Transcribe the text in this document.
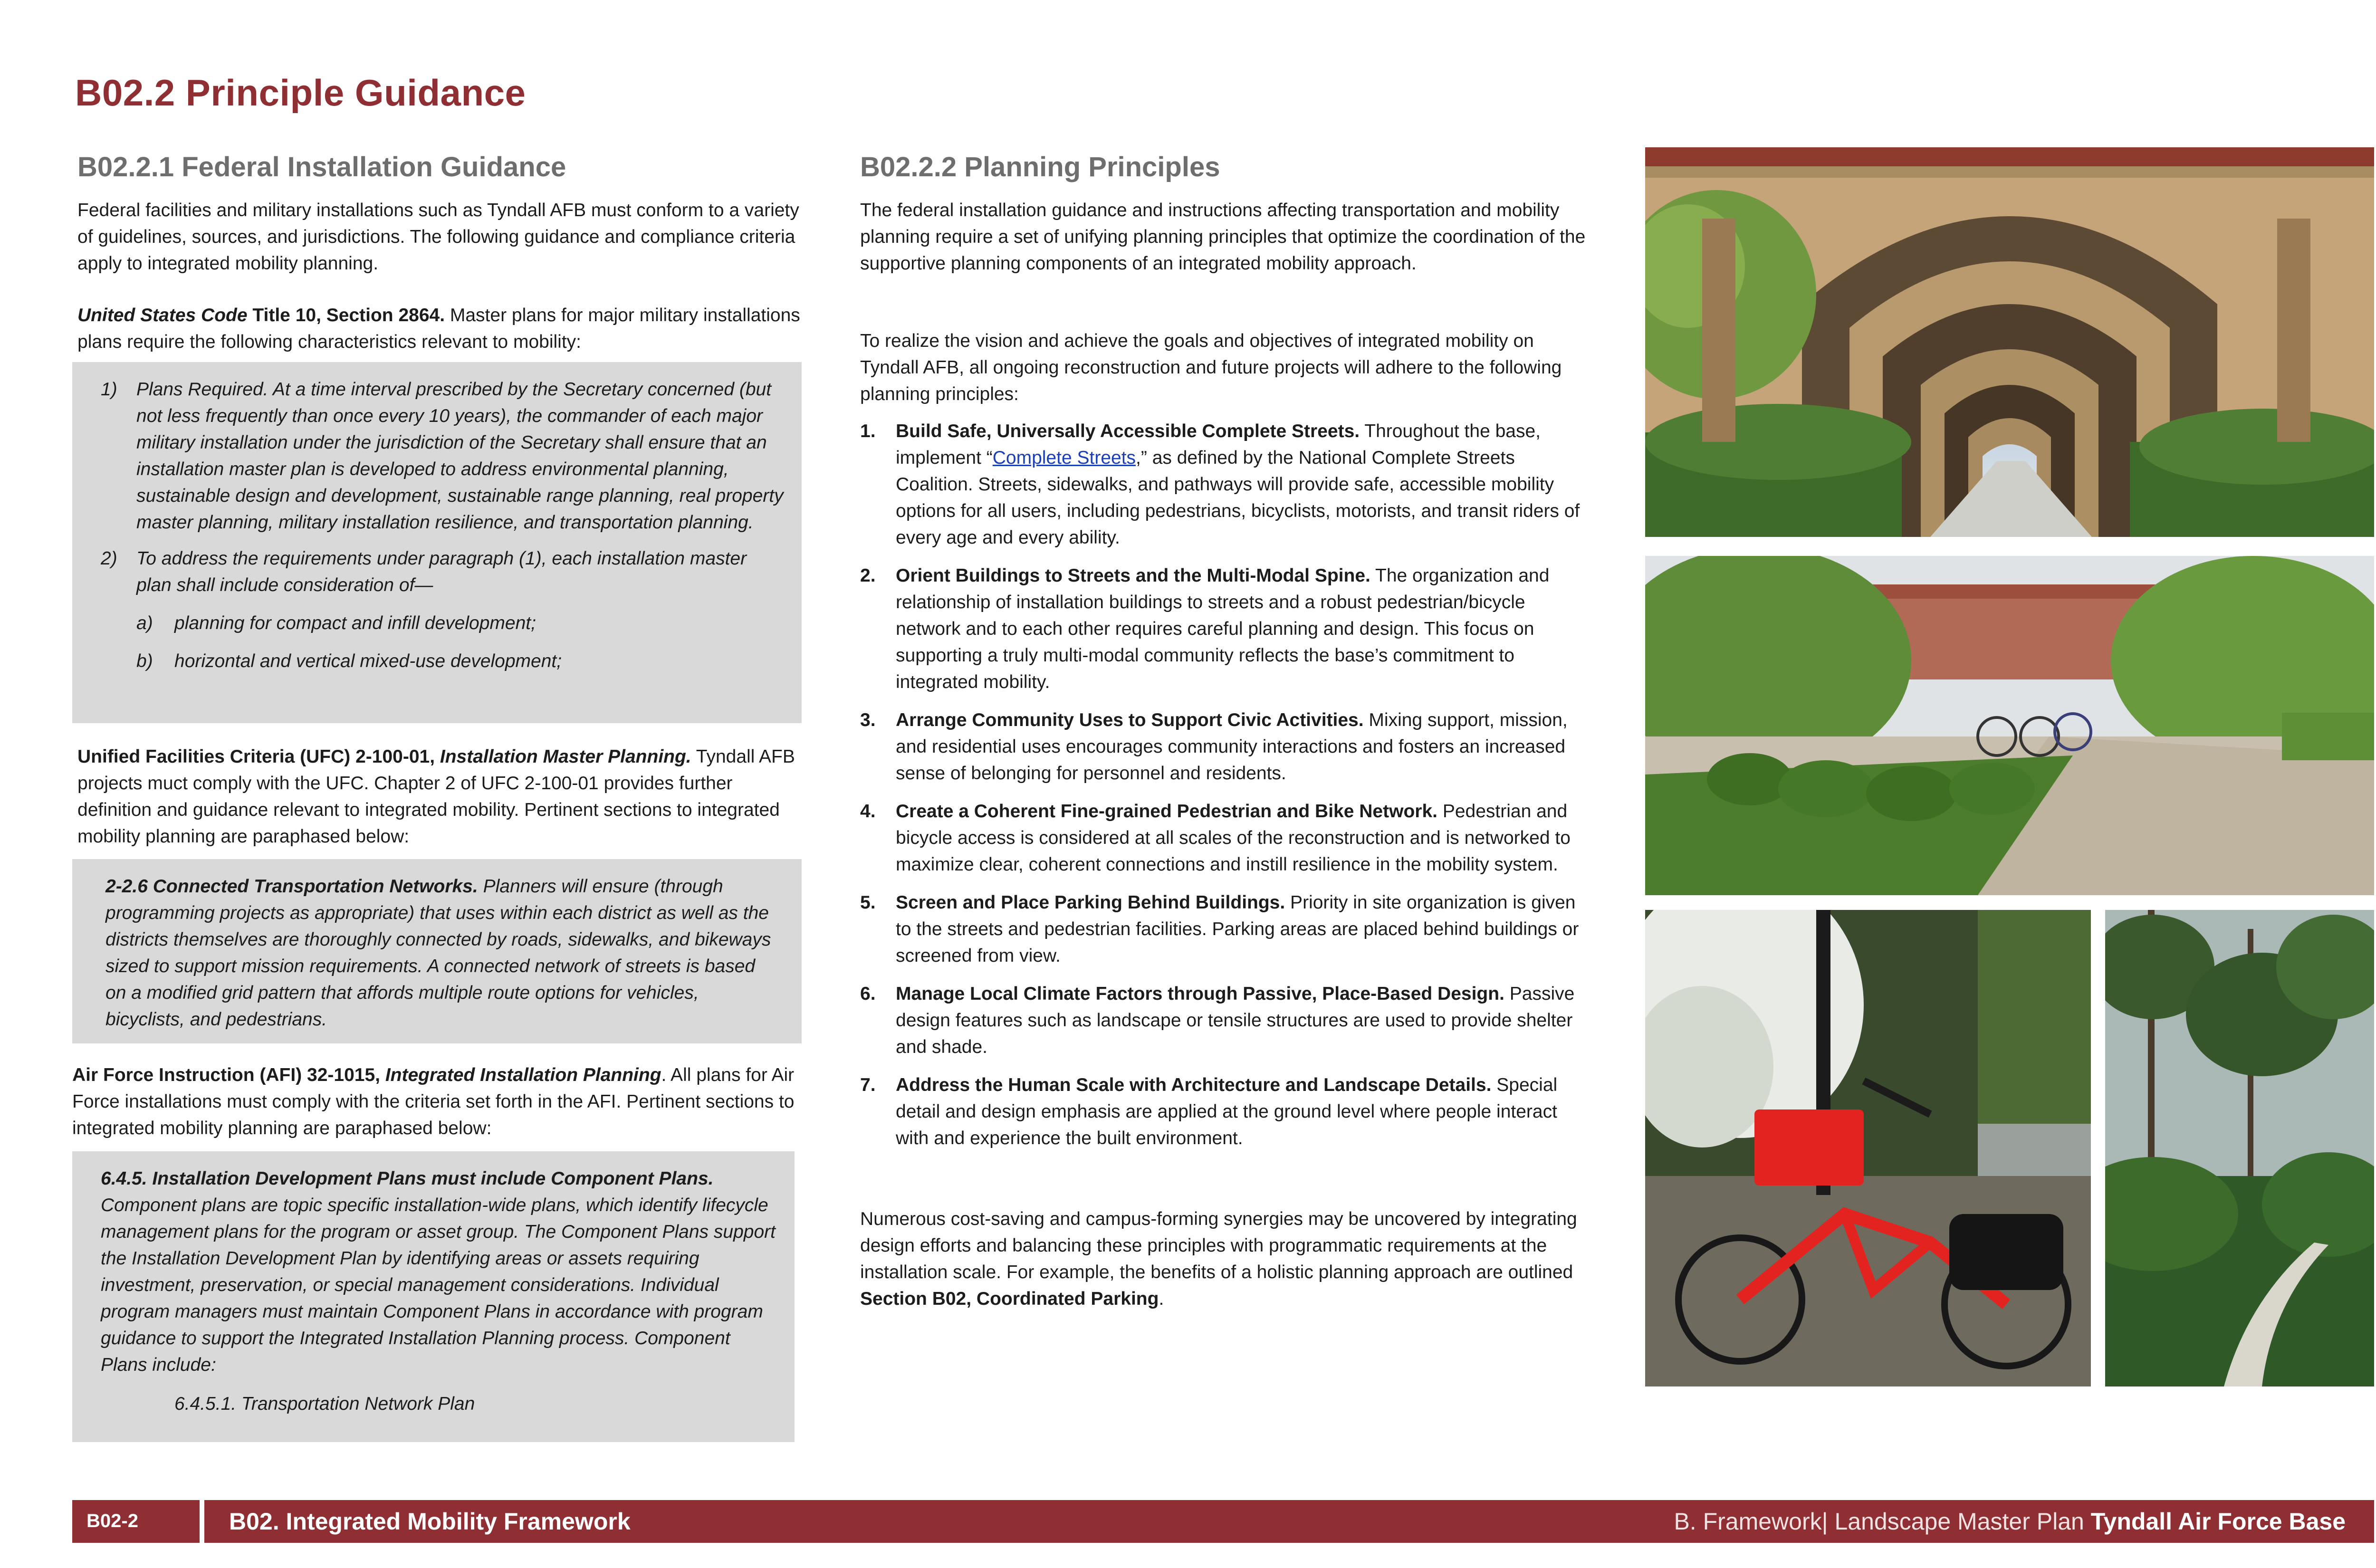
B02.2 Principle Guidance
B02.2.1 Federal Installation Guidance

Federal facilities and military installations such as Tyndall AFB must conform to a variety of guidelines, sources, and jurisdictions. The following guidance and compliance criteria apply to integrated mobility planning.

United States Code Title 10, Section 2864. Master plans for major military installations plans require the following characteristics relevant to mobility:

1) Plans Required. At a time interval prescribed by the Secretary concerned (but not less frequently than once every 10 years), the commander of each major military installation under the jurisdiction of the Secretary shall ensure that an installation master plan is developed to address environmental planning, sustainable design and development, sustainable range planning, real property master planning, military installation resilience, and transportation planning.
2) To address the requirements under paragraph (1), each installation master plan shall include consideration of—
a) planning for compact and infill development;
b) horizontal and vertical mixed-use development;

Unified Facilities Criteria (UFC) 2-100-01, Installation Master Planning. Tyndall AFB projects muct comply with the UFC. Chapter 2 of UFC 2-100-01 provides further definition and guidance relevant to integrated mobility. Pertinent sections to integrated mobility planning are paraphased below:

2-2.6 Connected Transportation Networks. Planners will ensure (through programming projects as appropriate) that uses within each district as well as the districts themselves are thoroughly connected by roads, sidewalks, and bikeways sized to support mission requirements. A connected network of streets is based on a modified grid pattern that affords multiple route options for vehicles, bicyclists, and pedestrians.

Air Force Instruction (AFI) 32-1015, Integrated Installation Planning. All plans for Air Force installations must comply with the criteria set forth in the AFI. Pertinent sections to integrated mobility planning are paraphased below:

6.4.5. Installation Development Plans must include Component Plans. Component plans are topic specific installation-wide plans, which identify lifecycle management plans for the program or asset group. The Component Plans support the Installation Development Plan by identifying areas or assets requiring investment, preservation, or special management considerations. Individual program managers must maintain Component Plans in accordance with program guidance to support the Integrated Installation Planning process. Component Plans include:
6.4.5.1. Transportation Network Plan
B02.2.2 Planning Principles

The federal installation guidance and instructions affecting transportation and mobility planning require a set of unifying planning principles that optimize the coordination of the supportive planning components of an integrated mobility approach.

To realize the vision and achieve the goals and objectives of integrated mobility on Tyndall AFB, all ongoing reconstruction and future projects will adhere to the following planning principles:

1. Build Safe, Universally Accessible Complete Streets. Throughout the base, implement “Complete Streets,” as defined by the National Complete Streets Coalition. Streets, sidewalks, and pathways will provide safe, accessible mobility options for all users, including pedestrians, bicyclists, motorists, and transit riders of every age and every ability.
2. Orient Buildings to Streets and the Multi-Modal Spine. The organization and relationship of installation buildings to streets and a robust pedestrian/bicycle network and to each other requires careful planning and design. This focus on supporting a truly multi-modal community reflects the base’s commitment to integrated mobility.
3. Arrange Community Uses to Support Civic Activities. Mixing support, mission, and residential uses encourages community interactions and fosters an increased sense of belonging for personnel and residents.
4. Create a Coherent Fine-grained Pedestrian and Bike Network. Pedestrian and bicycle access is considered at all scales of the reconstruction and is networked to maximize clear, coherent connections and instill resilience in the mobility system.
5. Screen and Place Parking Behind Buildings. Priority in site organization is given to the streets and pedestrian facilities. Parking areas are placed behind buildings or screened from view.
6. Manage Local Climate Factors through Passive, Place-Based Design. Passive design features such as landscape or tensile structures are used to provide shelter and shade.
7. Address the Human Scale with Architecture and Landscape Details. Special detail and design emphasis are applied at the ground level where people interact with and experience the built environment.

Numerous cost-saving and campus-forming synergies may be uncovered by integrating design efforts and balancing these principles with programmatic requirements at the installation scale. For example, the benefits of a holistic planning approach are outlined Section B02, Coordinated Parking.

B02-2	B02. Integrated Mobility Framework	B. Framework| Landscape Master Plan Tyndall Air Force Base
